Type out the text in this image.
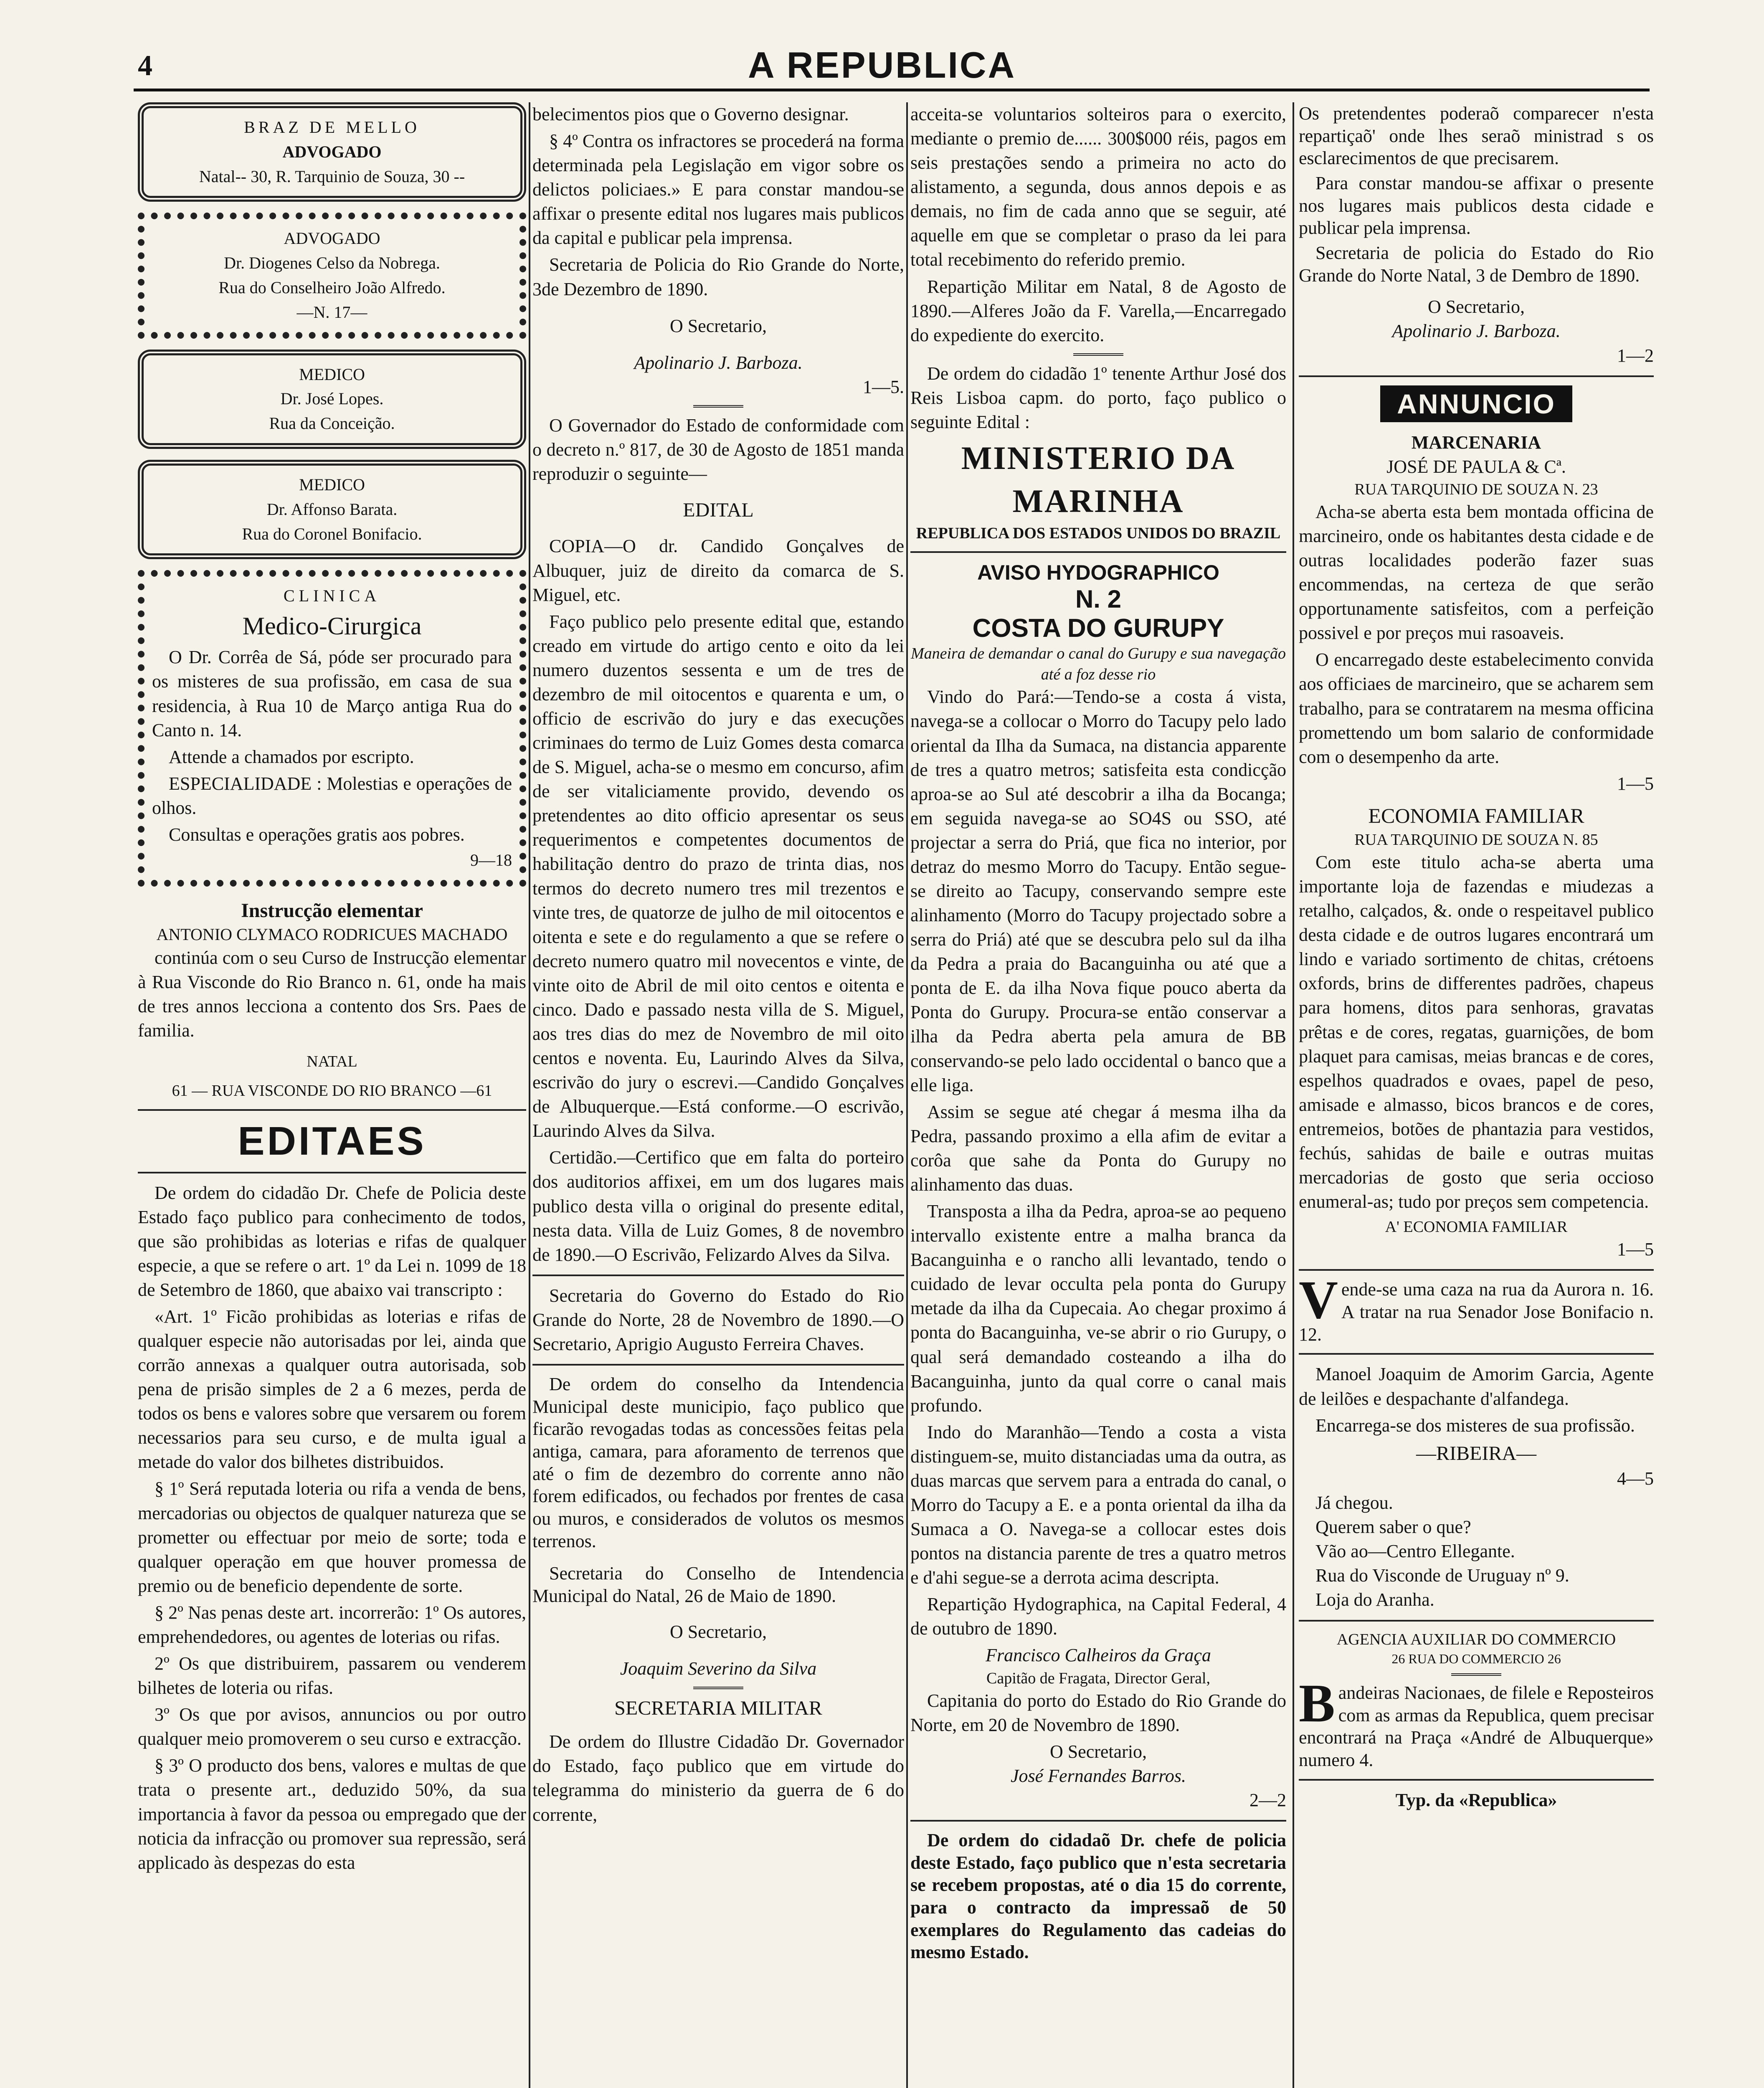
4	A REPUBLICA
BRAZ DE MELLO
ADVOGADO
Natal-- 30, R. Tarquinio de Souza, 30 --
ADVOGADO
Dr. Diogenes Celso da Nobrega.
Rua do Conselheiro João Alfredo.
—N. 17—
MEDICO
Dr. José Lopes.
Rua da Conceição.
MEDICO
Dr. Affonso Barata.
Rua do Coronel Bonifacio.
CLINICA
Medico-Cirurgica

O Dr. Corrêa de Sá, póde ser procurado para os misteres de sua profissão, em casa de sua residencia, à Rua 10 de Março antiga Rua do Canto n. 14.

Attende a chamados por escripto.

ESPECIALIDADE : Molestias e operações de olhos.

Consultas e operações gratis aos pobres.

9—18
Instrucção elementar
ANTONIO CLYMACO RODRICUES MACHADO

continúa com o seu Curso de Instrucção elementar à Rua Visconde do Rio Branco n. 61, onde ha mais de tres annos lecciona a contento dos Srs. Paes de familia.

NATAL
61 — RUA VISCONDE DO RIO BRANCO —61
EDITAES

De ordem do cidadão Dr. Chefe de Policia deste Estado faço publico para conhecimento de todos, que são prohibidas as loterias e rifas de qualquer especie, a que se refere o art. 1º da Lei n. 1099 de 18 de Setembro de 1860, que abaixo vai transcripto :

«Art. 1º Ficão prohibidas as loterias e rifas de qualquer especie não autorisadas por lei, ainda que corrão annexas a qualquer outra autorisada, sob pena de prisão simples de 2 a 6 mezes, perda de todos os bens e valores sobre que versarem ou forem necessarios para seu curso, e de multa igual a metade do valor dos bilhetes distribuidos.

§ 1º Será reputada loteria ou rifa a venda de bens, mercadorias ou objectos de qualquer natureza que se prometter ou effectuar por meio de sorte; toda e qualquer operação em que houver promessa de premio ou de beneficio dependente de sorte.

§ 2º Nas penas deste art. incorrerão: 1º Os autores, emprehendedores, ou agentes de loterias ou rifas.

2º Os que distribuirem, passarem ou venderem bilhetes de loteria ou rifas.

3º Os que por avisos, annuncios ou por outro qualquer meio promoverem o seu curso e extracção.

§ 3º O producto dos bens, valores e multas de que trata o presente art., deduzido 50%, da sua importancia à favor da pessoa ou empregado que der noticia da infracção ou promover sua repressão, será applicado às despezas do esta

belecimentos pios que o Governo designar.

§ 4º Contra os infractores se procederá na forma determinada pela Legislação em vigor sobre os delictos policiaes.» E para constar mandou-se affixar o presente edital nos lugares mais publicos da capital e publicar pela imprensa.

Secretaria de Policia do Rio Grande do Norte, 3de Dezembro de 1890.

O Secretario,
Apolinario J. Barboza.
1—5.

O Governador do Estado de conformidade com o decreto n.º 817, de 30 de Agosto de 1851 manda reproduzir o seguinte—

EDITAL

COPIA—O dr. Candido Gonçalves de Albuquer, juiz de direito da comarca de S. Miguel, etc.

Faço publico pelo presente edital que, estando creado em virtude do artigo cento e oito da lei numero duzentos sessenta e um de tres de dezembro de mil oitocentos e quarenta e um, o officio de escrivão do jury e das execuções criminaes do termo de Luiz Gomes desta comarca de S. Miguel, acha-se o mesmo em concurso, afim de ser vitaliciamente provido, devendo os pretendentes ao dito officio apresentar os seus requerimentos e competentes documentos de habilitação dentro do prazo de trinta dias, nos termos do decreto numero tres mil trezentos e vinte tres, de quatorze de julho de mil oitocentos e oitenta e sete e do regulamento a que se refere o decreto numero quatro mil novecentos e vinte, de vinte oito de Abril de mil oito centos e oitenta e cinco. Dado e passado nesta villa de S. Miguel, aos tres dias do mez de Novembro de mil oito centos e noventa. Eu, Laurindo Alves da Silva, escrivão do jury o escrevi.—Candido Gonçalves de Albuquerque.—Está conforme.—O escrivão, Laurindo Alves da Silva.

Certidão.—Certifico que em falta do porteiro dos auditorios affixei, em um dos lugares mais publico desta villa o original do presente edital, nesta data. Villa de Luiz Gomes, 8 de novembro de 1890.—O Escrivão, Felizardo Alves da Silva.

Secretaria do Governo do Estado do Rio Grande do Norte, 28 de Novembro de 1890.—O Secretario, Aprigio Augusto Ferreira Chaves.

De ordem do conselho da Intendencia Municipal deste municipio, faço publico que ficarão revogadas todas as concessões feitas pela antiga, camara, para aforamento de terrenos que até o fim de dezembro do corrente anno não forem edificados, ou fechados por frentes de casa ou muros, e considerados de volutos os mesmos terrenos.

Secretaria do Conselho de Intendencia Municipal do Natal, 26 de Maio de 1890.

O Secretario,
Joaquim Severino da Silva
SECRETARIA MILITAR

De ordem do Illustre Cidadão Dr. Governador do Estado, faço publico que em virtude do telegramma do ministerio da guerra de 6 do corrente,

acceita-se voluntarios solteiros para o exercito, mediante o premio de...... 300$000 réis, pagos em seis prestações sendo a primeira no acto do alistamento, a segunda, dous annos depois e as demais, no fim de cada anno que se seguir, até aquelle em que se completar o praso da lei para total recebimento do referido premio.

Repartição Militar em Natal, 8 de Agosto de 1890.—Alferes João da F. Varella,—Encarregado do expediente do exercito.

De ordem do cidadão 1º tenente Arthur José dos Reis Lisboa capm. do porto, faço publico o seguinte Edital :

MINISTERIO DA MARINHA
REPUBLICA DOS ESTADOS UNIDOS DO BRAZIL
AVISO HYDOGRAPHICO
N. 2
COSTA DO GURUPY
Maneira de demandar o canal do Gurupy e sua navegação até a foz desse rio

Vindo do Pará:—Tendo-se a costa á vista, navega-se a collocar o Morro do Tacupy pelo lado oriental da Ilha da Sumaca, na distancia apparente de tres a quatro metros; satisfeita esta condicção aproa-se ao Sul até descobrir a ilha da Bocanga; em seguida navega-se ao SO4S ou SSO, até projectar a serra do Priá, que fica no interior, por detraz do mesmo Morro do Tacupy. Então segue-se direito ao Tacupy, conservando sempre este alinhamento (Morro do Tacupy projectado sobre a serra do Priá) até que se descubra pelo sul da ilha da Pedra a praia do Bacanguinha ou até que a ponta de E. da ilha Nova fique pouco aberta da Ponta do Gurupy. Procura-se então conservar a ilha da Pedra aberta pela amura de BB conservando-se pelo lado occidental o banco que a elle liga.

Assim se segue até chegar á mesma ilha da Pedra, passando proximo a ella afim de evitar a corôa que sahe da Ponta do Gurupy no alinhamento das duas.

Transposta a ilha da Pedra, aproa-se ao pequeno intervallo existente entre a malha branca da Bacanguinha e o rancho alli levantado, tendo o cuidado de levar occulta pela ponta do Gurupy metade da ilha da Cupecaia. Ao chegar proximo á ponta do Bacanguinha, ve-se abrir o rio Gurupy, o qual será demandado costeando a ilha do Bacanguinha, junto da qual corre o canal mais profundo.

Indo do Maranhão—Tendo a costa a vista distinguem-se, muito distanciadas uma da outra, as duas marcas que servem para a entrada do canal, o Morro do Tacupy a E. e a ponta oriental da ilha da Sumaca a O. Navega-se a collocar estes dois pontos na distancia parente de tres a quatro metros e d'ahi segue-se a derrota acima descripta.

Repartição Hydographica, na Capital Federal, 4 de outubro de 1890.

Francisco Calheiros da Graça
Capitão de Fragata, Director Geral,

Capitania do porto do Estado do Rio Grande do Norte, em 20 de Novembro de 1890.

O Secretario,
José Fernandes Barros.
2—2

De ordem do cidadaõ Dr. chefe de policia deste Estado, faço publico que n'esta secretaria se recebem propostas, até o dia 15 do corrente, para o contracto da impressaõ de 50 exemplares do Regulamento das cadeias do mesmo Estado.

Os pretendentes poderaõ comparecer n'esta repartiçaõ' onde lhes seraõ ministrad s os esclarecimentos de que precisarem.

Para constar mandou-se affixar o presente nos lugares mais publicos desta cidade e publicar pela imprensa.

Secretaria de policia do Estado do Rio Grande do Norte Natal, 3 de Dembro de 1890.

O Secretario,
Apolinario J. Barboza.
1—2
ANNUNCIO
MARCENARIA
JOSÉ DE PAULA & Cª.
RUA TARQUINIO DE SOUZA N. 23

Acha-se aberta esta bem montada officina de marcineiro, onde os habitantes desta cidade e de outras localidades poderão fazer suas encommendas, na certeza de que serão opportunamente satisfeitos, com a perfeição possivel e por preços mui rasoaveis.

O encarregado deste estabelecimento convida aos officiaes de marcineiro, que se acharem sem trabalho, para se contratarem na mesma officina promettendo um bom salario de conformidade com o desempenho da arte.

1—5
ECONOMIA FAMILIAR
RUA TARQUINIO DE SOUZA N. 85

Com este titulo acha-se aberta uma importante loja de fazendas e miudezas a retalho, calçados, &. onde o respeitavel publico desta cidade e de outros lugares encontrará um lindo e variado sortimento de chitas, crétoens oxfords, brins de differentes padrões, chapeus para homens, ditos para senhoras, gravatas prêtas e de cores, regatas, guarnições, de bom plaquet para camisas, meias brancas e de cores, espelhos quadrados e ovaes, papel de peso, amisade e almasso, bicos brancos e de cores, entremeios, botões de phantazia para vestidos, fechús, sahidas de baile e outras muitas mercadorias de gosto que seria occioso enumeral-as; tudo por preços sem competencia.

A' ECONOMIA FAMILIAR
1—5

Vende-se uma caza na rua da Aurora n. 16. A tratar na rua Senador Jose Bonifacio n. 12.

Manoel Joaquim de Amorim Garcia, Agente de leilões e despachante d'alfandega.

Encarrega-se dos misteres de sua profissão.

—RIBEIRA—
4—5
Já chegou.
Querem saber o que?
Vão ao—Centro Ellegante.
Rua do Visconde de Uruguay nº 9.
Loja do Aranha.
AGENCIA AUXILIAR DO COMMERCIO
26 RUA DO COMMERCIO 26

Bandeiras Nacionaes, de filele e Reposteiros com as armas da Republica, quem precisar encontrará na Praça «André de Albuquerque» numero 4.

Typ. da «Republica»
